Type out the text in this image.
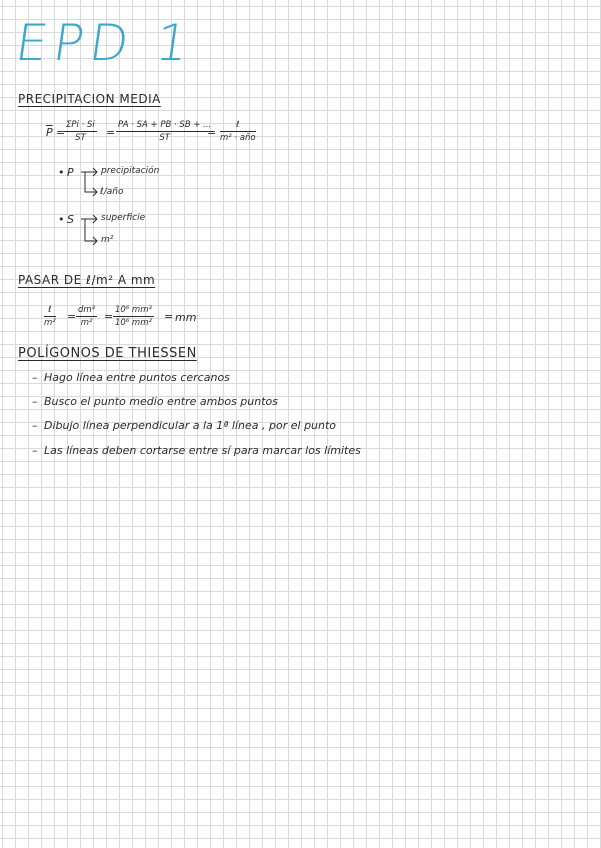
EPD 1
PRECIPITACION MEDIA
$\overline{P}$ =
ΣPi · Si
ST	= $\frac{PA \cdot SA + PB \cdot SB + ...}{ST}$
=
ℓ
m² · año
• P	precipitación
ℓ/año
• S	superficie
m²
PASAR DE ℓ/m² A mm
ℓ
$m^2 = \frac{\text{dm³}}{\text{m²}} = \frac{\text{10⁶ mm³}}{\text{10⁶ mm²}}$ = mm
POLÍGONOS DE THIESSEN
– Hago línea entre puntos cercanos
– Busco el punto medio entre ambos puntos
– Dibujo línea perpendicular a la 1ª línea , por el punto
– Las líneas deben cortarse entre sí para marcar los límites
